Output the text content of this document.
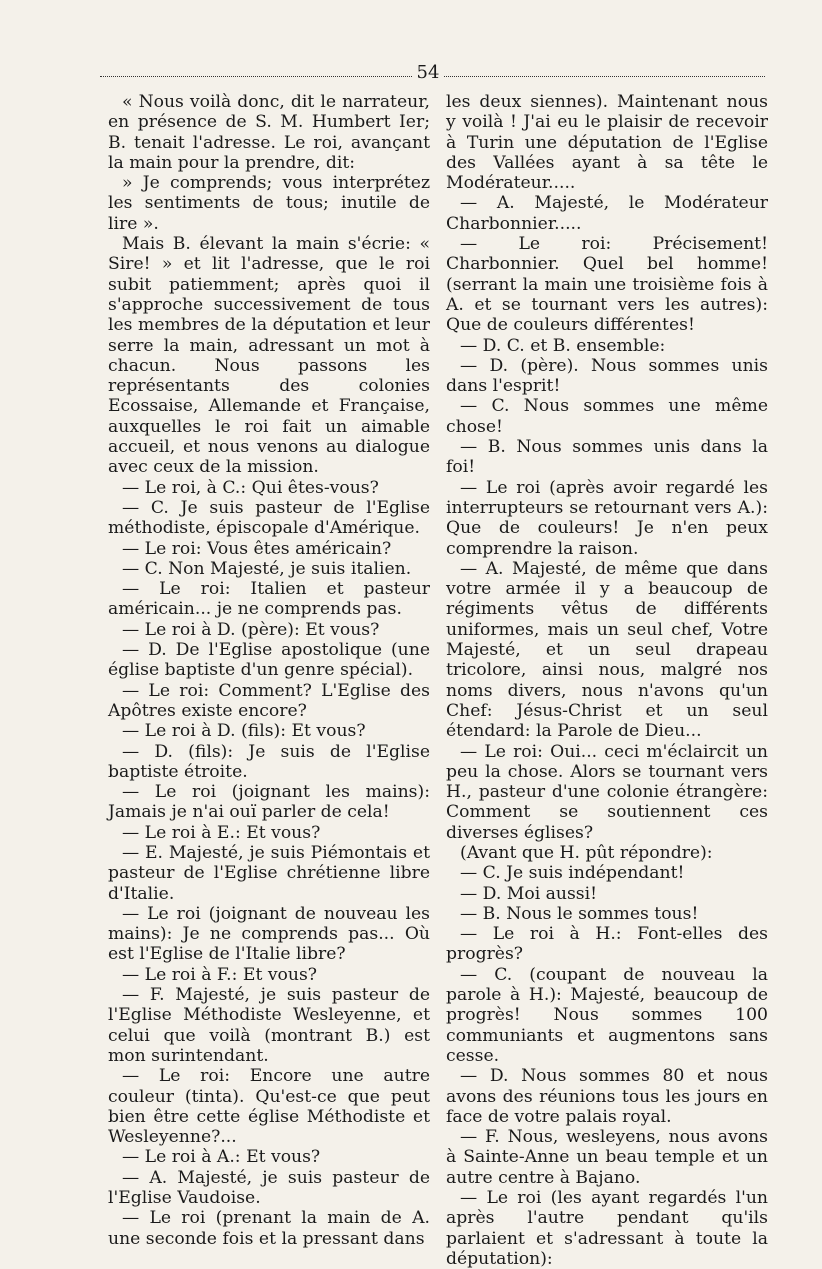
54

« Nous voilà donc, dit le narrateur, en présence de S. M. Humbert Ier; B. tenait l'adresse. Le roi, avançant la main pour la prendre, dit:

» Je comprends; vous interprétez les sentiments de tous; inutile de lire ».

Mais B. élevant la main s'écrie: « Sire! » et lit l'adresse, que le roi subit patiemment; après quoi il s'approche successivement de tous les membres de la députation et leur serre la main, adressant un mot à chacun. Nous passons les représentants des colonies Ecossaise, Allemande et Française, auxquelles le roi fait un aimable accueil, et nous venons au dialogue avec ceux de la mission.

— Le roi, à C.: Qui êtes-vous?

— C. Je suis pasteur de l'Eglise méthodiste, épiscopale d'Amérique.

— Le roi: Vous êtes américain?

— C. Non Majesté, je suis italien.

— Le roi: Italien et pasteur américain... je ne comprends pas.

— Le roi à D. (père): Et vous?

— D. De l'Eglise apostolique (une église baptiste d'un genre spécial).

— Le roi: Comment? L'Eglise des Apôtres existe encore?

— Le roi à D. (fils): Et vous?

— D. (fils): Je suis de l'Eglise baptiste étroite.

— Le roi (joignant les mains): Jamais je n'ai ouï parler de cela!

— Le roi à E.: Et vous?

— E. Majesté, je suis Piémontais et pasteur de l'Eglise chrétienne libre d'Italie.

— Le roi (joignant de nouveau les mains): Je ne comprends pas... Où est l'Eglise de l'Italie libre?

— Le roi à F.: Et vous?

— F. Majesté, je suis pasteur de l'Eglise Méthodiste Wesleyenne, et celui que voilà (montrant B.) est mon surintendant.

— Le roi: Encore une autre couleur (tinta). Qu'est-ce que peut bien être cette église Méthodiste et Wesleyenne?...

— Le roi à A.: Et vous?

— A. Majesté, je suis pasteur de l'Eglise Vaudoise.

— Le roi (prenant la main de A. une seconde fois et la pressant dans

les deux siennes). Maintenant nous y voilà ! J'ai eu le plaisir de recevoir à Turin une députation de l'Eglise des Vallées ayant à sa tête le Modérateur.....

— A. Majesté, le Modérateur Charbonnier.....

— Le roi: Précisement! Charbonnier. Quel bel homme! (serrant la main une troisième fois à A. et se tournant vers les autres): Que de couleurs différentes!

— D. C. et B. ensemble:

— D. (père). Nous sommes unis dans l'esprit!

— C. Nous sommes une même chose!

— B. Nous sommes unis dans la foi!

— Le roi (après avoir regardé les interrupteurs se retournant vers A.): Que de couleurs! Je n'en peux comprendre la raison.

— A. Majesté, de même que dans votre armée il y a beaucoup de régiments vêtus de différents uniformes, mais un seul chef, Votre Majesté, et un seul drapeau tricolore, ainsi nous, malgré nos noms divers, nous n'avons qu'un Chef: Jésus-Christ et un seul étendard: la Parole de Dieu...

— Le roi: Oui... ceci m'éclaircit un peu la chose. Alors se tournant vers H., pasteur d'une colonie étrangère: Comment se soutiennent ces diverses églises?

(Avant que H. pût répondre):

— C. Je suis indépendant!

— D. Moi aussi!

— B. Nous le sommes tous!

— Le roi à H.: Font-elles des progrès?

— C. (coupant de nouveau la parole à H.): Majesté, beaucoup de progrès! Nous sommes 100 communiants et augmentons sans cesse.

— D. Nous sommes 80 et nous avons des réunions tous les jours en face de votre palais royal.

— F. Nous, wesleyens, nous avons à Sainte-Anne un beau temple et un autre centre à Bajano.

— Le roi (les ayant regardés l'un après l'autre pendant qu'ils parlaient et s'adressant à toute la députation):
